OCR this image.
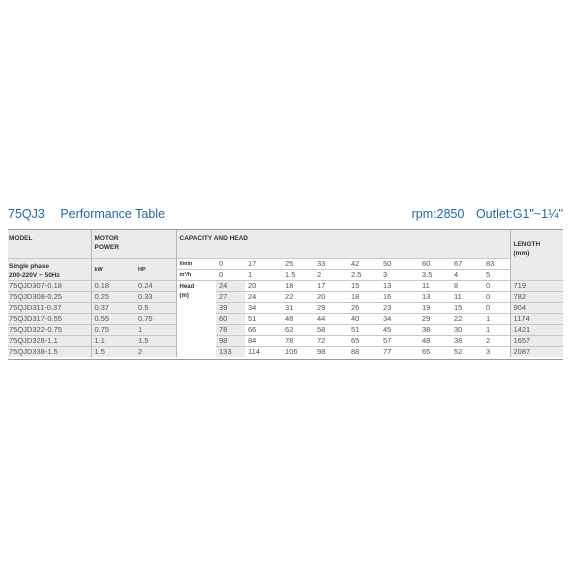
75QJ3 Performance Table	rpm:2850 Outlet:G1"~1¼"
MODEL	MOTOR POWER		CAPACITY AND HEAD										LENGTH
(mm)

Single phase
200-220V ~ 50Hz	kW	HP	l/min	0	17	25	33	42	50	60	67	83	
			m³/h	0	1	1.5	2	2.5	3	3.5	4	5	
75QJD307-0.18	0.18	0.24	Head
(m)	24	20	18	17	15	13	11	8	0	719
75QJD308-0.25	0.25	0.33		27	24	22	20	18	16	13	11	0	782
75QJD311-0.37	0.37	0.5		39	34	31	29	26	23	19	15	0	904
75QJD317-0.55	0.55	0.75		60	51	48	44	40	34	29	22	1	1174
75QJD322-0.75	0.75	1		78	66	62	58	51	45	38	30	1	1421
75QJD328-1.1	1.1	1.5		98	84	78	72	65	57	48	38	2	1657
75QJD338-1.5	1.5	2		133	114	106	98	88	77	65	52	3	2087
